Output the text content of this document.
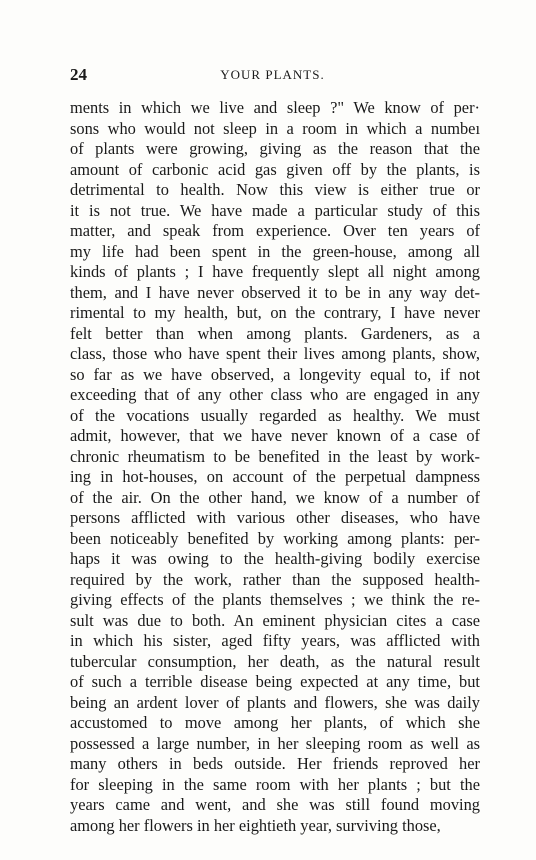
24	YOUR PLANTS.
ments in which we live and sleep ?" We know of per·
sons who would not sleep in a room in which a numbeı
of plants were growing, giving as the reason that the
amount of carbonic acid gas given off by the plants, is
detrimental to health. Now this view is either true or
it is not true. We have made a particular study of this
matter, and speak from experience. Over ten years of
my life had been spent in the green-house, among all
kinds of plants ; I have frequently slept all night among
them, and I have never observed it to be in any way det-
rimental to my health, but, on the contrary, I have never
felt better than when among plants. Gardeners, as a
class, those who have spent their lives among plants, show,
so far as we have observed, a longevity equal to, if not
exceeding that of any other class who are engaged in any
of the vocations usually regarded as healthy. We must
admit, however, that we have never known of a case of
chronic rheumatism to be benefited in the least by work-
ing in hot-houses, on account of the perpetual dampness
of the air. On the other hand, we know of a number of
persons afflicted with various other diseases, who have
been noticeably benefited by working among plants: per-
haps it was owing to the health-giving bodily exercise
required by the work, rather than the supposed health-
giving effects of the plants themselves ; we think the re-
sult was due to both. An eminent physician cites a case
in which his sister, aged fifty years, was afflicted with
tubercular consumption, her death, as the natural result
of such a terrible disease being expected at any time, but
being an ardent lover of plants and flowers, she was daily
accustomed to move among her plants, of which she
possessed a large number, in her sleeping room as well as
many others in beds outside. Her friends reproved her
for sleeping in the same room with her plants ; but the
years came and went, and she was still found moving
among her flowers in her eightieth year, surviving those,
